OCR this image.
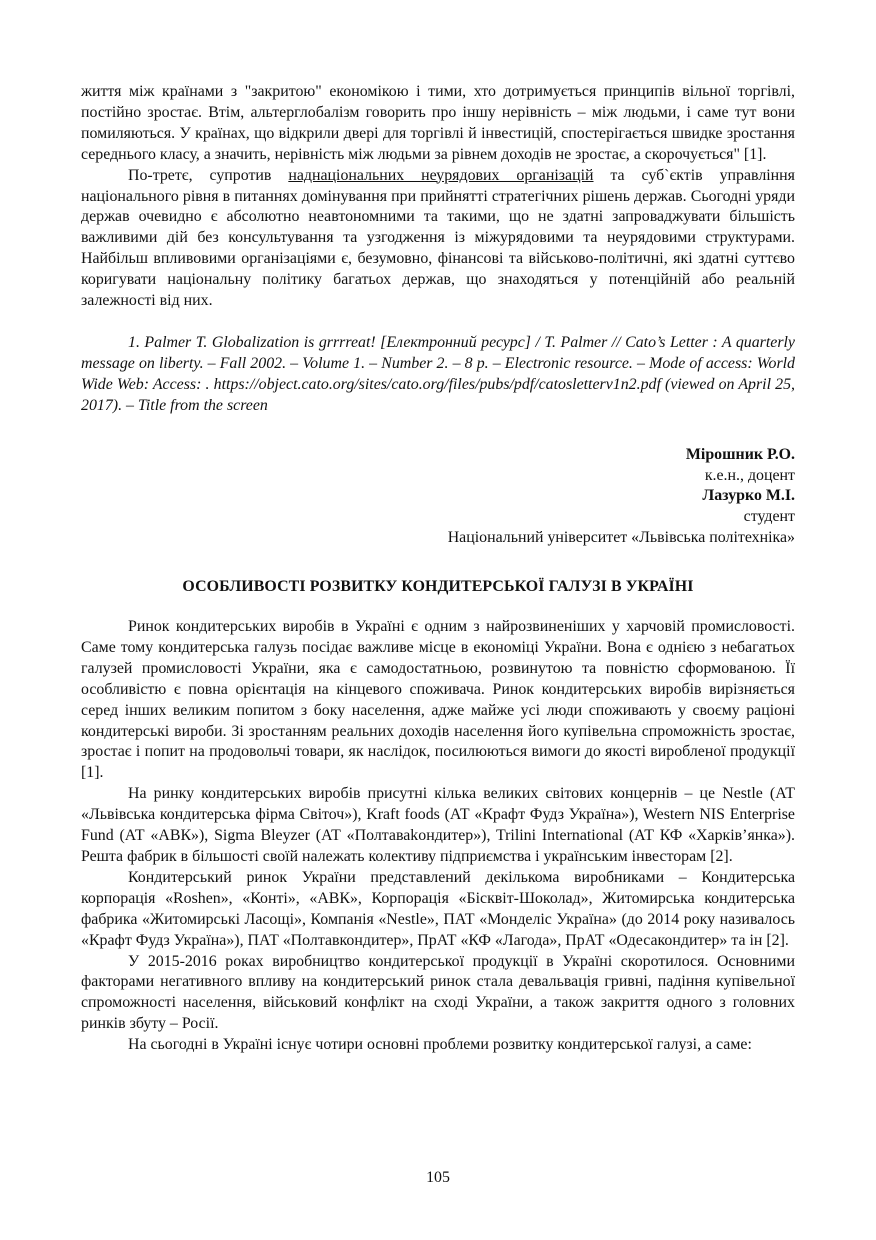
життя між країнами з "закритою" економікою і тими, хто дотримується принципів вільної торгівлі, постійно зростає. Втім, альтерглобалізм говорить про іншу нерівність – між людьми, і саме тут вони помиляються. У країнах, що відкрили двері для торгівлі й інвестицій, спостерігається швидке зростання середнього класу, а значить, нерівність між людьми за рівнем доходів не зростає, а скорочується" [1].

По-третє, супротив наднаціональних неурядових організацій та суб`єктів управління національного рівня в питаннях домінування при прийнятті стратегічних рішень держав. Сьогодні уряди держав очевидно є абсолютно неавтономними та такими, що не здатні запроваджувати більшість важливими дій без консультування та узгодження із міжурядовими та неурядовими структурами. Найбільш впливовими організаціями є, безумовно, фінансові та військово-політичні, які здатні суттєво коригувати національну політику багатьох держав, що знаходяться у потенційній або реальній залежності від них.

1. Palmer T. Globalization is grrrreat! [Електронний ресурс] / T. Palmer // Cato’s Letter : A quarterly message on liberty. – Fall 2002. – Volume 1. – Number 2. – 8 p. – Electronic resource. – Mode of access: World Wide Web: Access: . https://object.cato.org/sites/cato.org/files/pubs/pdf/catosletterv1n2.pdf (viewed on April 25, 2017). – Title from the screen

Мірошник Р.О.
к.е.н., доцент
Лазурко М.І.
студент
Національний університет «Львівська політехніка»
ОСОБЛИВОСТІ РОЗВИТКУ КОНДИТЕРСЬКОЇ ГАЛУЗІ В УКРАЇНІ

Ринок кондитерських виробів в Україні є одним з найрозвиненіших у харчовій промисловості. Саме тому кондитерська галузь посідає важливе місце в економіці України. Вона є однією з небагатьох галузей промисловості України, яка є самодостатньою, розвинутою та повністю сформованою. Її особливістю є повна орієнтація на кінцевого споживача. Ринок кондитерських виробів вирізняється серед інших великим попитом з боку населення, адже майже усі люди споживають у своєму раціоні кондитерські вироби. Зі зростанням реальних доходів населення його купівельна спроможність зростає, зростає і попит на продовольчі товари, як наслідок, посилюються вимоги до якості виробленої продукції [1].

На ринку кондитерських виробів присутні кілька великих світових концернів – це Nestle (АТ «Львівська кондитерська фірма Світоч»), Kraft foods (АТ «Крафт Фудз Україна»), Western NIS Enterprise Fund (АТ «АВК»), Sigma Bleyzer (АТ «Полтаваkондитер»), Trilini International (АТ КФ «Харків’янка»). Решта фабрик в більшості своїй належать колективу підприємства і українським інвесторам [2].

Кондитерський ринок України представлений декількома виробниками – Кондитерська корпорація «Roshen», «Конті», «АВК», Корпорація «Бісквіт-Шоколад», Житомирська кондитерська фабрика «Житомирські Ласощі», Компанія «Nestle», ПАТ «Монделіс Україна» (до 2014 року називалось «Крафт Фудз Україна»), ПАТ «Полтавкондитер», ПрАТ «КФ «Лагода», ПрАТ «Одесакондитер» та ін [2].

У 2015-2016 роках виробництво кондитерської продукції в Україні скоротилося. Основними факторами негативного впливу на кондитерський ринок стала девальвація гривні, падіння купівельної спроможності населення, військовий конфлікт на сході України, а також закриття одного з головних ринків збуту – Росії.

На сьогодні в Україні існує чотири основні проблеми розвитку кондитерської галузі, а саме:

105
